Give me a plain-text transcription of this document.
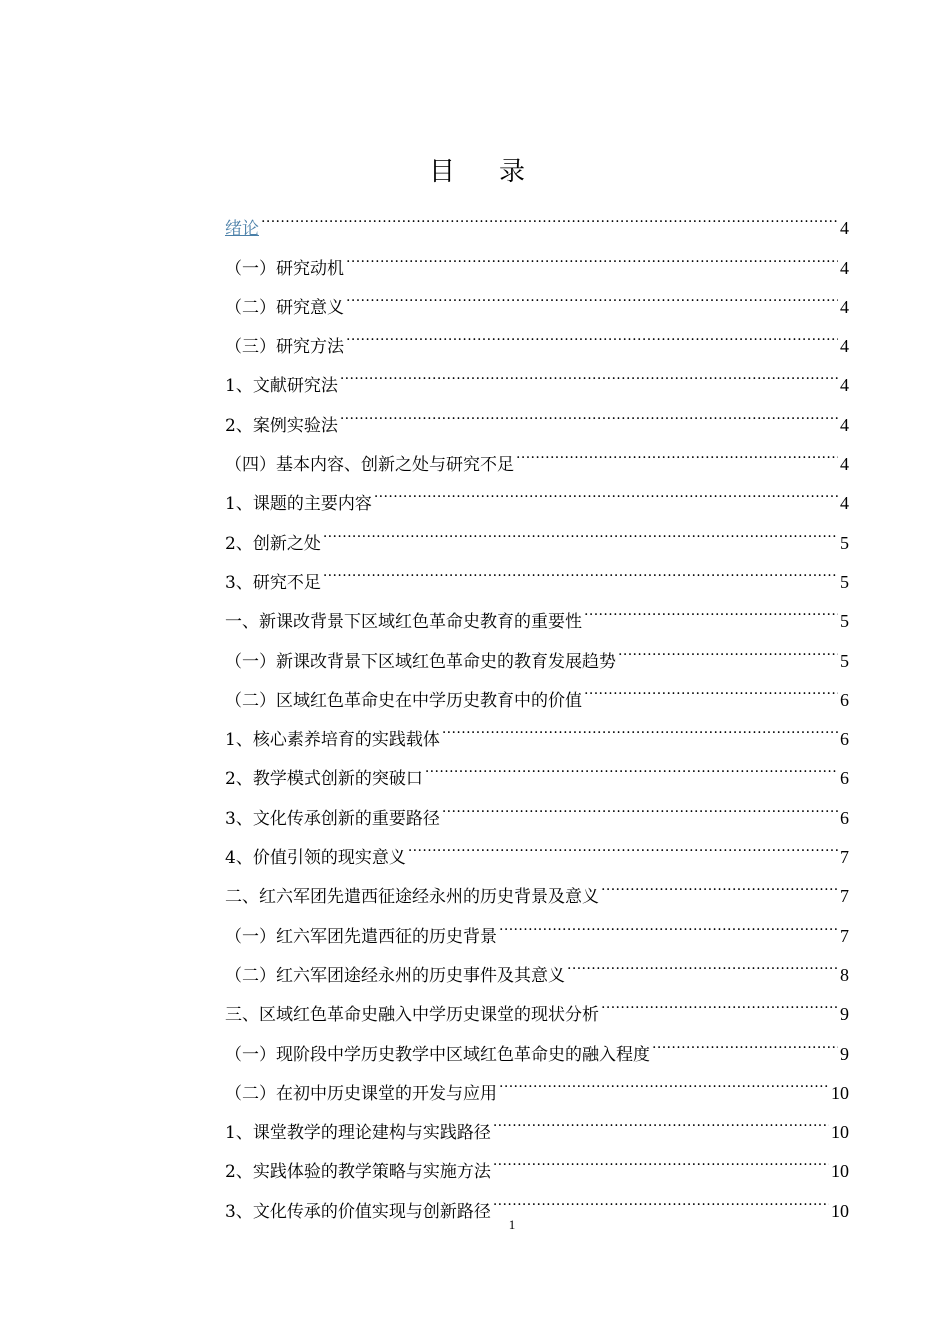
目录
绪论 .....	4
（一）研究动机 .....	4
（二）研究意义 .....	4
（三）研究方法 .....	4
1、文献研究法 .....	4
2、案例实验法 .....	4
（四）基本内容、创新之处与研究不足 .....	4
1、课题的主要内容 .....	4
2、创新之处 .....	5
3、研究不足 .....	5
一、新课改背景下区域红色革命史教育的重要性 .....	5
（一）新课改背景下区域红色革命史的教育发展趋势 .....	5
（二）区域红色革命史在中学历史教育中的价值 .....	6
1、核心素养培育的实践载体 .....	6
2、教学模式创新的突破口 .....	6
3、文化传承创新的重要路径 .....	6
4、价值引领的现实意义 .....	7
二、红六军团先遣西征途经永州的历史背景及意义 .....	7
（一）红六军团先遣西征的历史背景 .....	7
（二）红六军团途经永州的历史事件及其意义 .....	8
三、区域红色革命史融入中学历史课堂的现状分析 .....	9
（一）现阶段中学历史教学中区域红色革命史的融入程度 .....	9
（二）在初中历史课堂的开发与应用 .....	10
1、课堂教学的理论建构与实践路径 .....	10
2、实践体验的教学策略与实施方法 .....	10
3、文化传承的价值实现与创新路径 .....	10
1
